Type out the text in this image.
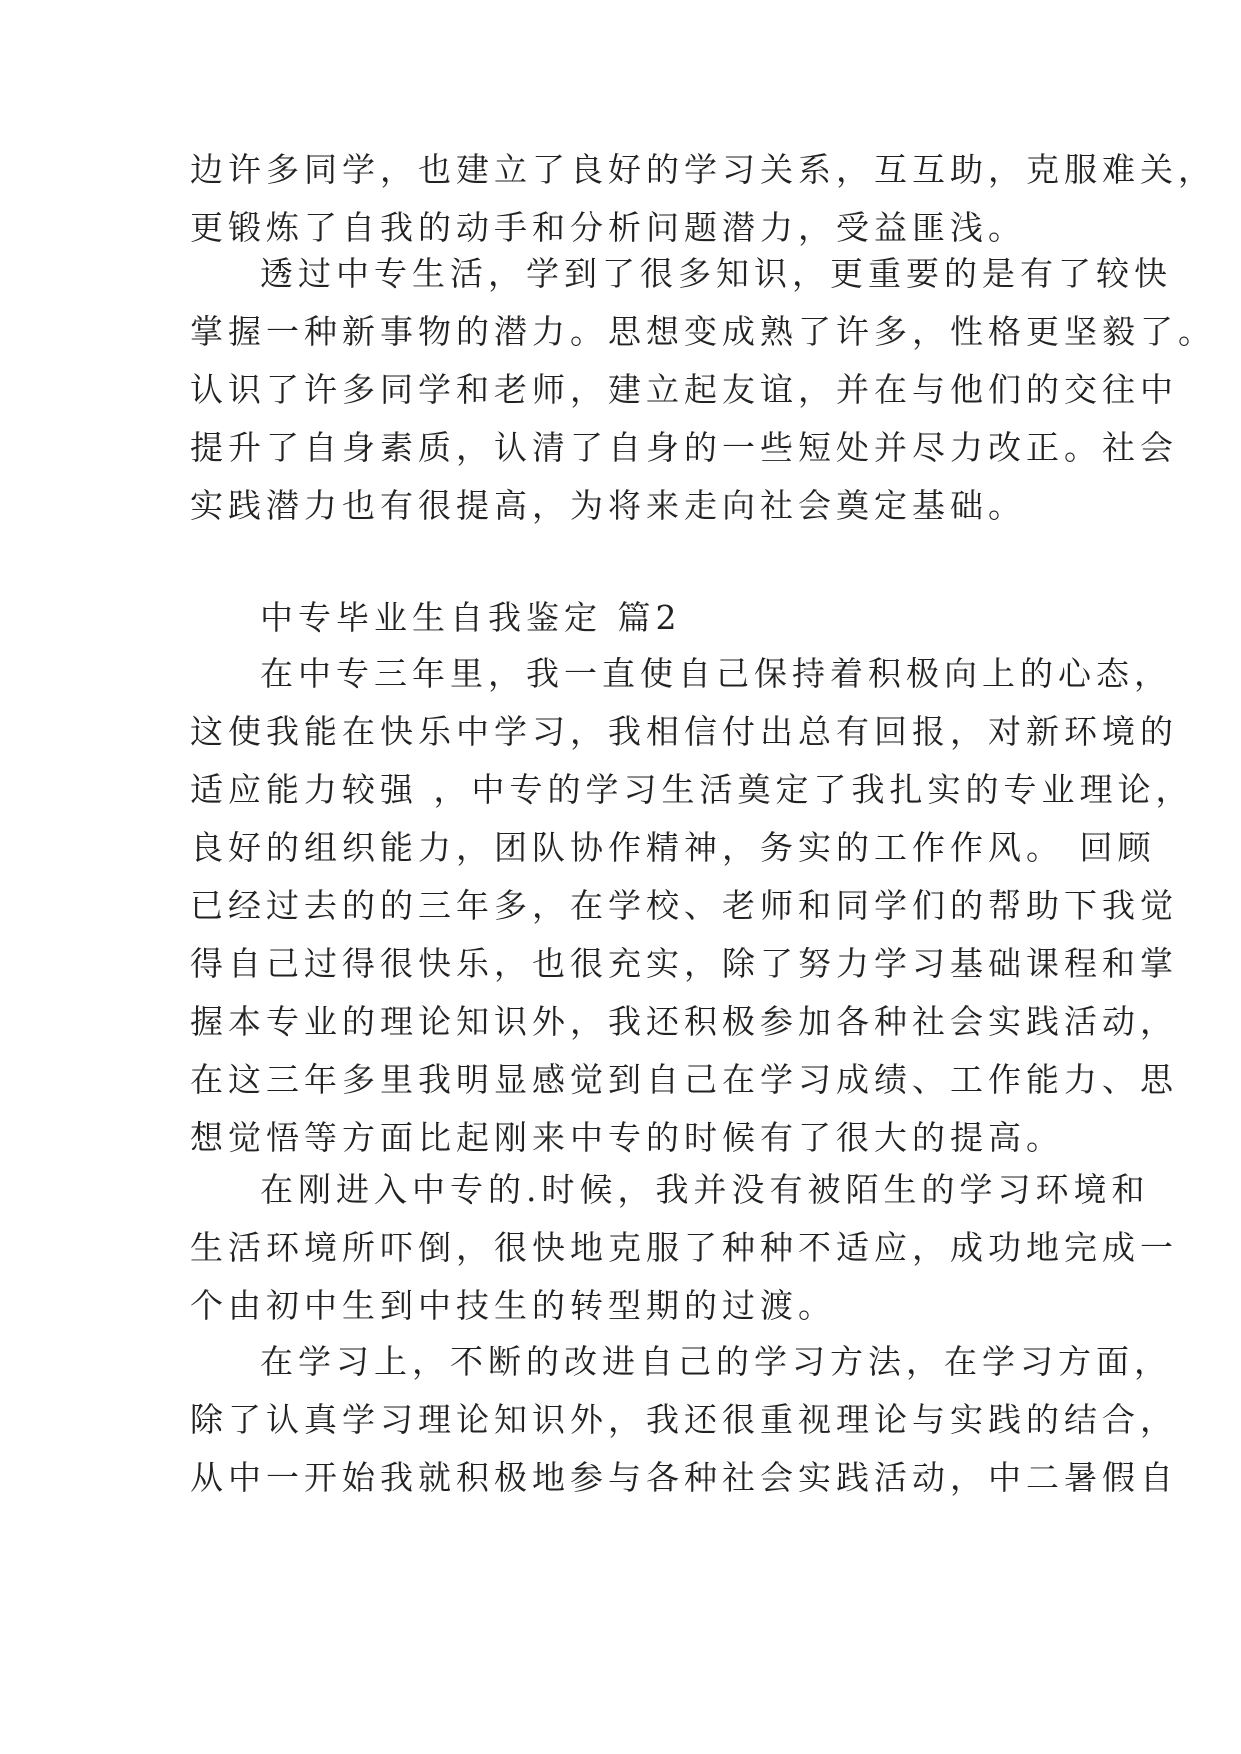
边许多同学，也建立了良好的学习关系，互互助，克服难关，
更锻炼了自我的动手和分析问题潜力，受益匪浅。
透过中专生活，学到了很多知识，更重要的是有了较快
掌握一种新事物的潜力。思想变成熟了许多，性格更坚毅了。
认识了许多同学和老师，建立起友谊，并在与他们的交往中
提升了自身素质，认清了自身的一些短处并尽力改正。社会
实践潜力也有很提高，为将来走向社会奠定基础。
中专毕业生自我鉴定 篇2
在中专三年里，我一直使自己保持着积极向上的心态，
这使我能在快乐中学习，我相信付出总有回报，对新环境的
适应能力较强 ，中专的学习生活奠定了我扎实的专业理论，
良好的组织能力，团队协作精神，务实的工作作风。 回顾
已经过去的的三年多，在学校、老师和同学们的帮助下我觉
得自己过得很快乐，也很充实，除了努力学习基础课程和掌
握本专业的理论知识外，我还积极参加各种社会实践活动，
在这三年多里我明显感觉到自己在学习成绩、工作能力、思
想觉悟等方面比起刚来中专的时候有了很大的提高。
在刚进入中专的.时候，我并没有被陌生的学习环境和
生活环境所吓倒，很快地克服了种种不适应，成功地完成一
个由初中生到中技生的转型期的过渡。
在学习上，不断的改进自己的学习方法，在学习方面，
除了认真学习理论知识外，我还很重视理论与实践的结合，
从中一开始我就积极地参与各种社会实践活动，中二暑假自
